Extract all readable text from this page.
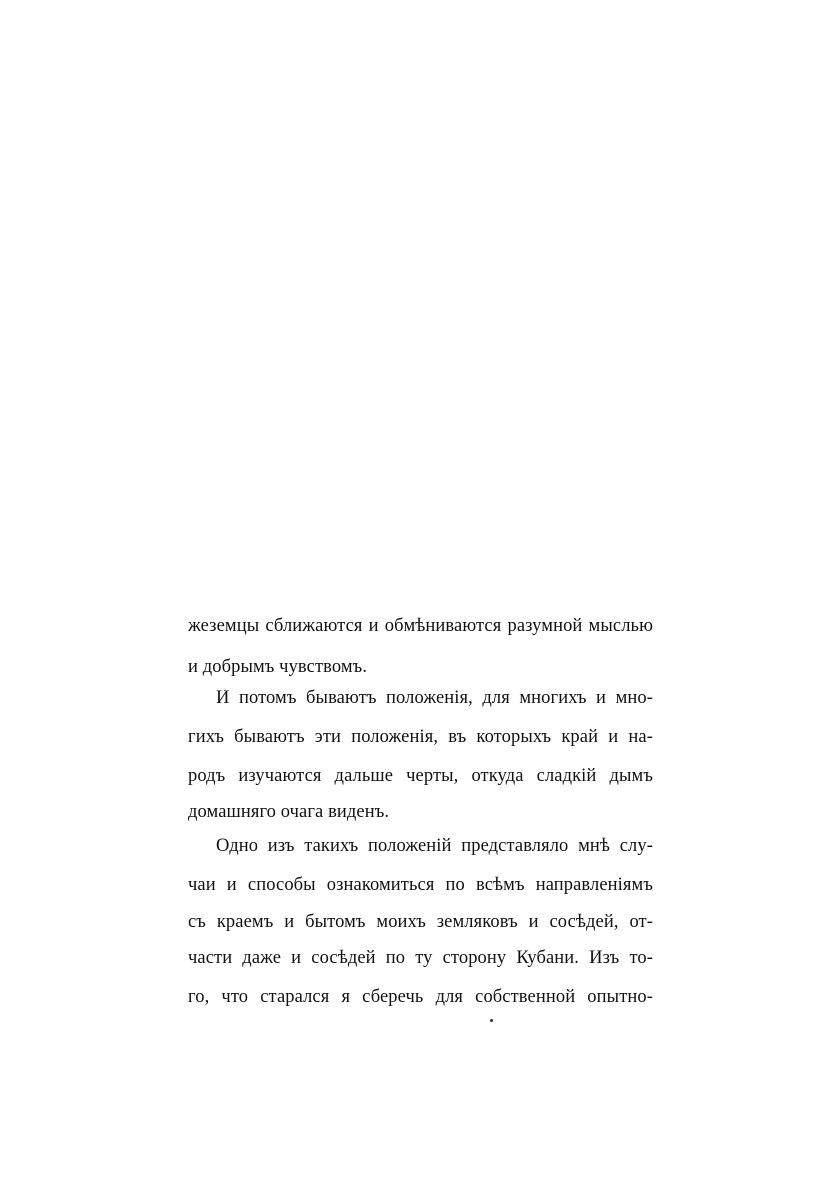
жеземцы сближаются и обмѣниваются разумной мыслью
и добрымъ чувствомъ.
И потомъ бываютъ положенія, для многихъ и мно-
гихъ бываютъ эти положенія, въ которыхъ край и на-
родъ изучаются дальше черты, откуда сладкій дымъ
домашняго очага виденъ.
Одно изъ такихъ положеній представляло мнѣ слу-
чаи и способы ознакомиться по всѣмъ направленіямъ
съ краемъ и бытомъ моихъ земляковъ и сосѣдей, от-
части даже и сосѣдей по ту сторону Кубани. Изъ то-
го, что старался я сберечь для собственной опытно-
